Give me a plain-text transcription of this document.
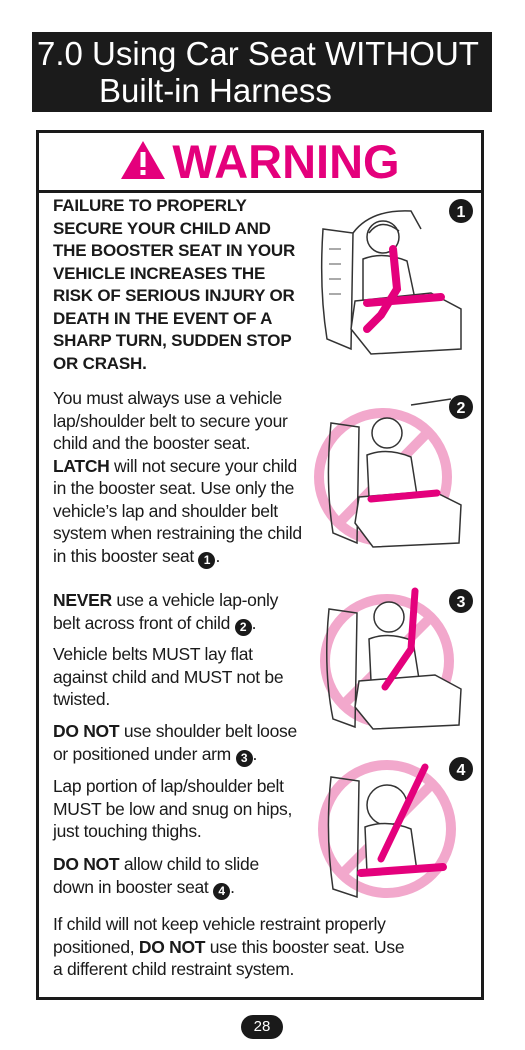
7.0 Using Car Seat WITHOUT
Built-in Harness
WARNING
FAILURE TO PROPERLY
SECURE YOUR CHILD AND
THE BOOSTER SEAT IN YOUR
VEHICLE INCREASES THE
RISK OF SERIOUS INJURY OR
DEATH IN THE EVENT OF A
SHARP TURN, SUDDEN STOP
OR CRASH.
You must always use a vehicle
lap/shoulder belt to secure your
child and the booster seat.
LATCH will not secure your child
in the booster seat. Use only the
vehicle’s lap and shoulder belt
system when restraining the child
in this booster seat 1 .
NEVER use a vehicle lap-only
belt across front of child 2 .
Vehicle belts MUST lay flat
against child and MUST not be
twisted.
DO NOT use shoulder belt loose
or positioned under arm 3 .
Lap portion of lap/shoulder belt
MUST be low and snug on hips,
just touching thighs.
DO NOT allow child to slide
down in booster seat 4 .
If child will not keep vehicle restraint properly
positioned, DO NOT use this booster seat. Use
a different child restraint system.
1
2
3
4
28
